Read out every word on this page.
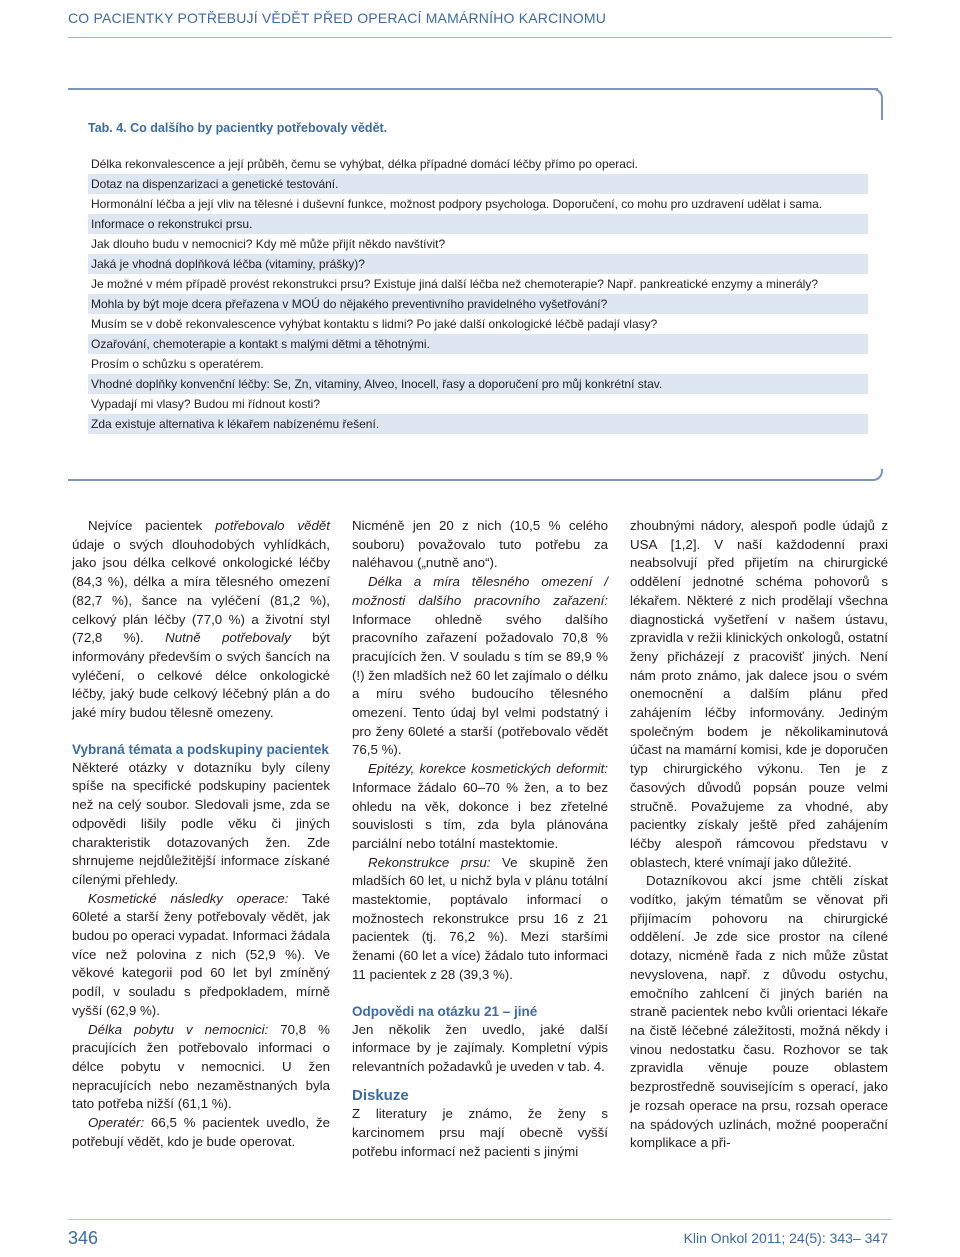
CO PACIENTKY POTŘEBUJÍ VĚDĚT PŘED OPERACÍ MAMÁRNÍHO KARCINOMU
Tab. 4. Co dalšího by pacientky potřebovaly vědět.
Délka rekonvalescence a její průběh, čemu se vyhýbat, délka případné domácí léčby přímo po operaci.
Dotaz na dispenzarizaci a genetické testování.
Hormonální léčba a její vliv na tělesné i duševní funkce, možnost podpory psychologa. Doporučení, co mohu pro uzdravení udělat i sama.
Informace o rekonstrukci prsu.
Jak dlouho budu v nemocnici? Kdy mě může přijít někdo navštívit?
Jaká je vhodná doplňková léčba (vitaminy, prášky)?
Je možné v mém případě provést rekonstrukci prsu? Existuje jiná další léčba než chemoterapie? Např. pankreatické enzymy a minerály?
Mohla by být moje dcera přeřazena v MOÚ do nějakého preventivního pravidelného vyšetřování?
Musím se v době rekonvalescence vyhýbat kontaktu s lidmi? Po jaké další onkologické léčbě padají vlasy?
Ozařování, chemoterapie a kontakt s malými dětmi a těhotnými.
Prosím o schůzku s operatérem.
Vhodné doplňky konvenční léčby: Se, Zn, vitaminy, Alveo, Inocell, řasy a doporučení pro můj konkrétní stav.
Vypadají mi vlasy? Budou mi řídnout kosti?
Zda existuje alternativa k lékařem nabízenému řešení.

Nejvíce pacientek potřebovalo vědět údaje o svých dlouhodobých vyhlídkách, jako jsou délka celkové onkologické léčby (84,3 %), délka a míra tělesného omezení (82,7 %), šance na vyléčení (81,2 %), celkový plán léčby (77,0 %) a životní styl (72,8 %). Nutně potřebovaly být informovány především o svých šancích na vyléčení, o celkové délce onkologické léčby, jaký bude celkový léčebný plán a do jaké míry budou tělesně omezeny.

Vybraná témata a podskupiny pacientek

Některé otázky v dotazníku byly cíleny spíše na specifické podskupiny pacientek než na celý soubor. Sledovali jsme, zda se odpovědi lišily podle věku či jiných charakteristik dotazovaných žen. Zde shrnujeme nejdůležitější informace získané cílenými přehledy.

Kosmetické následky operace: Také 60leté a starší ženy potřebovaly vědět, jak budou po operaci vypadat. Informaci žádala více než polovina z nich (52,9 %). Ve věkové kategorii pod 60 let byl zmíněný podíl, v souladu s předpokladem, mírně vyšší (62,9 %).

Délka pobytu v nemocnici: 70,8 % pracujících žen potřebovalo informaci o délce pobytu v nemocnici. U žen nepracujících nebo nezaměstnaných byla tato potřeba nižší (61,1 %).

Operatér: 66,5 % pacientek uvedlo, že potřebují vědět, kdo je bude operovat.

Nicméně jen 20 z nich (10,5 % celého souboru) považovalo tuto potřebu za naléhavou („nutně ano“).

Délka a míra tělesného omezení / možnosti dalšího pracovního zařazení: Informace ohledně svého dalšího pracovního zařazení požadovalo 70,8 % pracujících žen. V souladu s tím se 89,9 % (!) žen mladších než 60 let zajímalo o délku a míru svého budoucího tělesného omezení. Tento údaj byl velmi podstatný i pro ženy 60leté a starší (potřebovalo vědět 76,5 %).

Epitézy, korekce kosmetických deformit: Informace žádalo 60–70 % žen, a to bez ohledu na věk, dokonce i bez zřetelné souvislosti s tím, zda byla plánována parciální nebo totální mastektomie.

Rekonstrukce prsu: Ve skupině žen mladších 60 let, u nichž byla v plánu totální mastektomie, poptávalo informací o možnostech rekonstrukce prsu 16 z 21 pacientek (tj. 76,2 %). Mezi staršími ženami (60 let a více) žádalo tuto informaci 11 pacientek z 28 (39,3 %).

Odpovědi na otázku 21 – jiné

Jen několik žen uvedlo, jaké další informace by je zajímaly. Kompletní výpis relevantních požadavků je uveden v tab. 4.

Diskuze

Z literatury je známo, že ženy s karcinomem prsu mají obecně vyšší potřebu informací než pacienti s jinými

zhoubnými nádory, alespoň podle údajů z USA [1,2]. V naší každodenní praxi neabsolvují před přijetím na chirurgické oddělení jednotné schéma pohovorů s lékařem. Některé z nich prodělají všechna diagnostická vyšetření v našem ústavu, zpravidla v režii klinických onkologů, ostatní ženy přicházejí z pracovišť jiných. Není nám proto známo, jak dalece jsou o svém onemocnění a dalším plánu před zahájením léčby informovány. Jediným společným bodem je několikaminutová účast na mamární komisi, kde je doporučen typ chirurgického výkonu. Ten je z časových důvodů popsán pouze velmi stručně. Považujeme za vhodné, aby pacientky získaly ještě před zahájením léčby alespoň rámcovou představu v oblastech, které vnímají jako důležité.

Dotazníkovou akcí jsme chtěli získat vodítko, jakým tématům se věnovat při přijímacím pohovoru na chirurgické oddělení. Je zde sice prostor na cílené dotazy, nicméně řada z nich může zůstat nevyslovena, např. z důvodu ostychu, emočního zahlcení či jiných barién na straně pacientek nebo kvůli orientaci lékaře na čistě léčebné záležitosti, možná někdy i vinou nedostatku času. Rozhovor se tak zpravidla věnuje pouze oblastem bezprostředně souvisejícím s operací, jako je rozsah operace na prsu, rozsah operace na spádových uzlinách, možné pooperační komplikace a při-

346	Klin Onkol 2011; 24(5): 343– 347
